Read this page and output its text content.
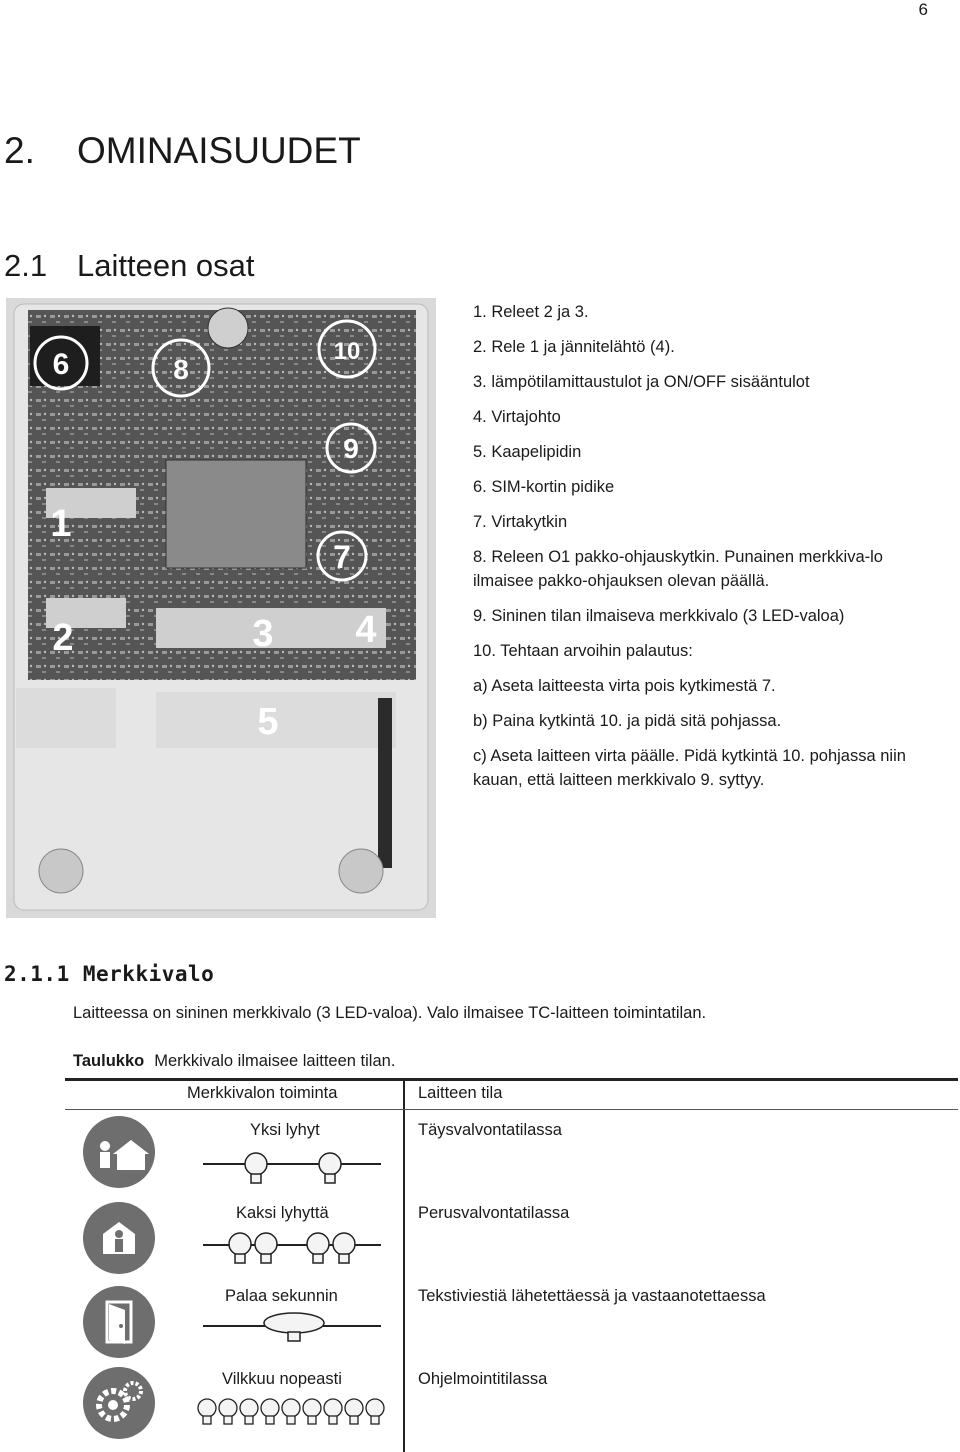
6
2. OMINAISUUDET
2.1 Laitteen osat
6	8
10
9
1
7
2	3 4
5
1. Releet 2 ja 3.
2. Rele 1 ja jännitelähtö (4).
3. lämpötilamittaustulot ja ON/OFF sisääntulot
4. Virtajohto
5. Kaapelipidin
6. SIM-kortin pidike
7. Virtakytkin
8. Releen O1 pakko-ohjauskytkin. Punainen merkkiva-lo ilmaisee pakko-ohjauksen olevan päällä.
9. Sininen tilan ilmaiseva merkkivalo (3 LED-valoa)
10. Tehtaan arvoihin palautus:
a) Aseta laitteesta virta pois kytkimestä 7.
b) Paina kytkintä 10. ja pidä sitä pohjassa.
c) Aseta laitteen virta päälle. Pidä kytkintä 10. pohjassa niin kauan, että laitteen merkkivalo 9. syttyy.
2.1.1 Merkkivalo
Laitteessa on sininen merkkivalo (3 LED-valoa). Valo ilmaisee TC-laitteen toimintatilan.
Taulukko Merkkivalo ilmaisee laitteen tilan.
Merkkivalon toiminta	Laitteen tila
Yksi lyhyt	Täysvalvontatilassa
Kaksi lyhyttä	Perusvalvontatilassa
Palaa sekunnin	Tekstiviestiä lähetettäessä ja vastaanotettaessa
Vilkkuu nopeasti	Ohjelmointitilassa
